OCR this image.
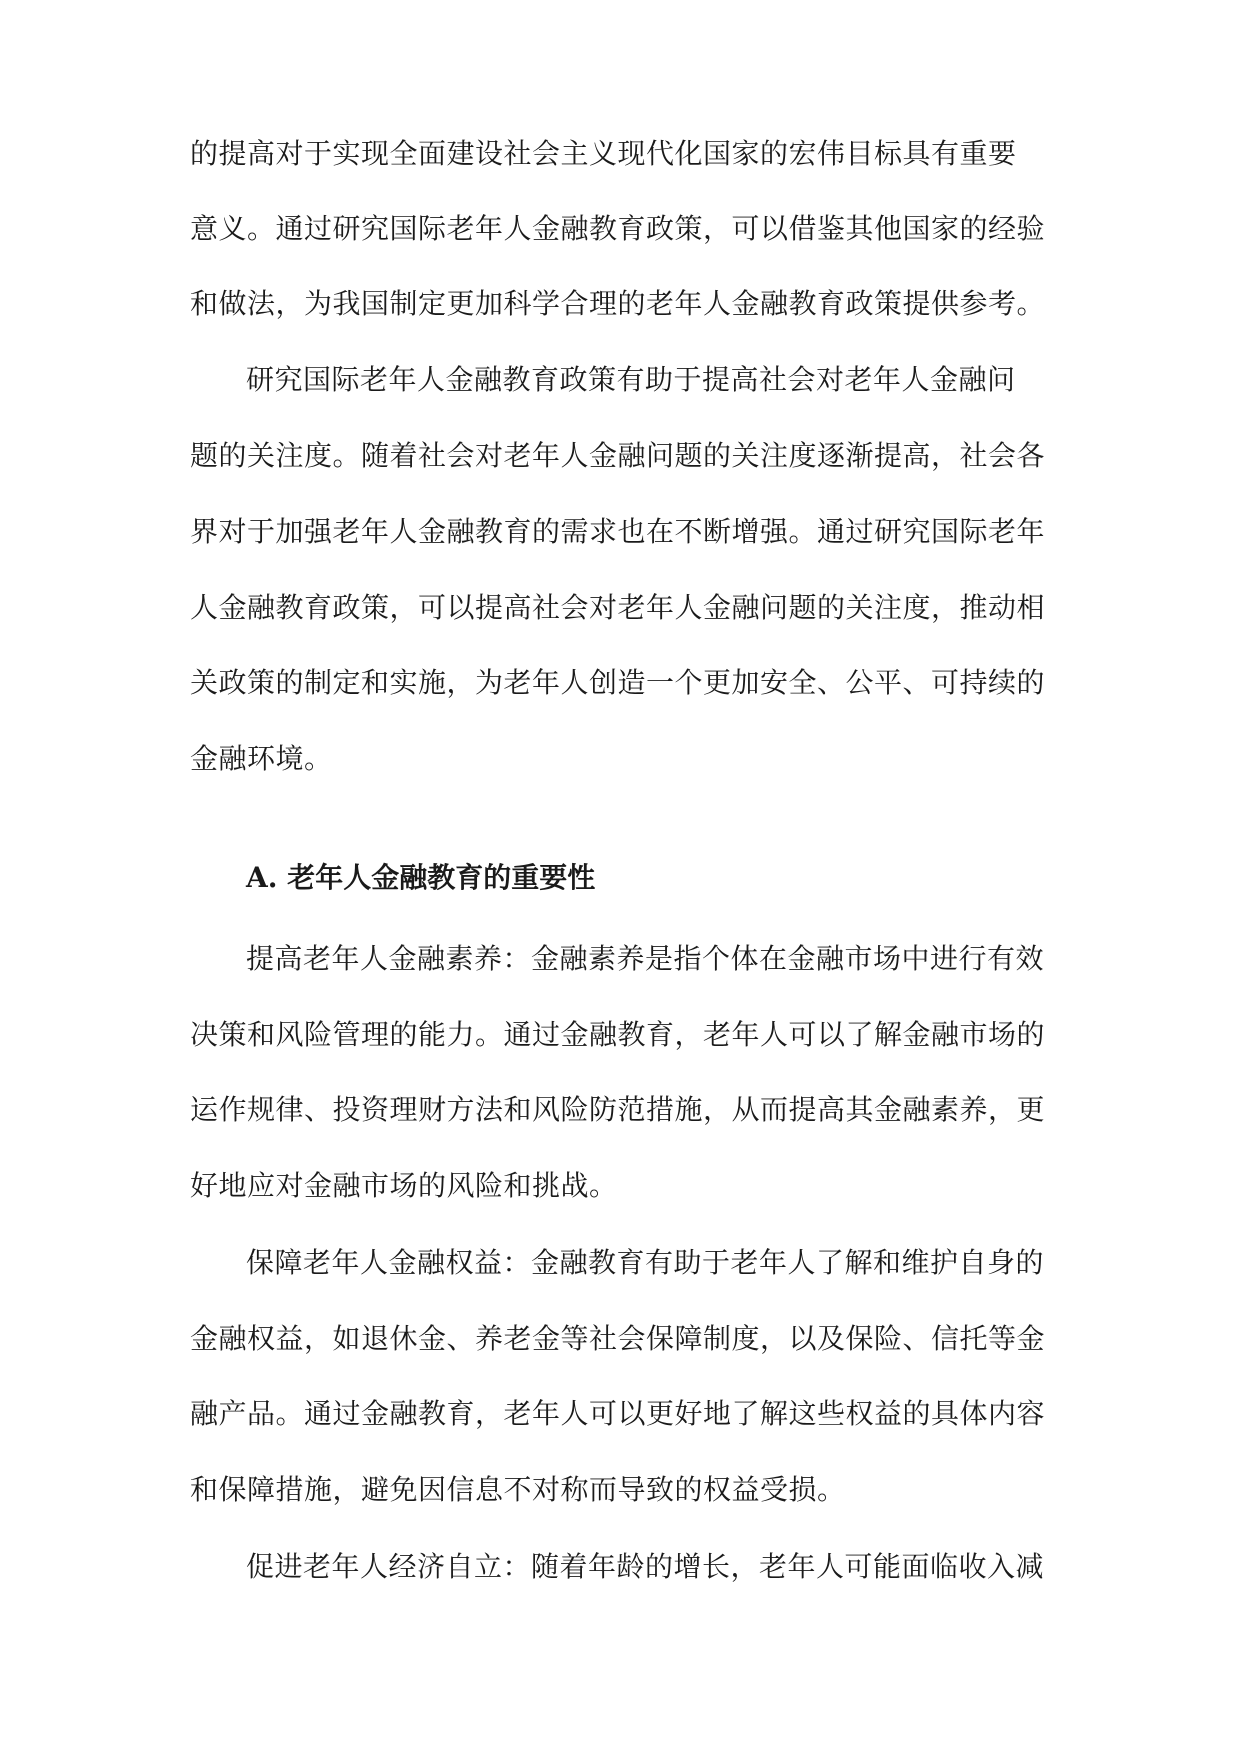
的提高对于实现全面建设社会主义现代化国家的宏伟目标具有重要
意义。通过研究国际老年人金融教育政策，可以借鉴其他国家的经验
和做法，为我国制定更加科学合理的老年人金融教育政策提供参考。
研究国际老年人金融教育政策有助于提高社会对老年人金融问
题的关注度。随着社会对老年人金融问题的关注度逐渐提高，社会各
界对于加强老年人金融教育的需求也在不断增强。通过研究国际老年
人金融教育政策，可以提高社会对老年人金融问题的关注度，推动相
关政策的制定和实施，为老年人创造一个更加安全、公平、可持续的
金融环境。
A. 老年人金融教育的重要性
提高老年人金融素养：金融素养是指个体在金融市场中进行有效
决策和风险管理的能力。通过金融教育，老年人可以了解金融市场的
运作规律、投资理财方法和风险防范措施，从而提高其金融素养，更
好地应对金融市场的风险和挑战。
保障老年人金融权益：金融教育有助于老年人了解和维护自身的
金融权益，如退休金、养老金等社会保障制度，以及保险、信托等金
融产品。通过金融教育，老年人可以更好地了解这些权益的具体内容
和保障措施，避免因信息不对称而导致的权益受损。
促进老年人经济自立：随着年龄的增长，老年人可能面临收入减
